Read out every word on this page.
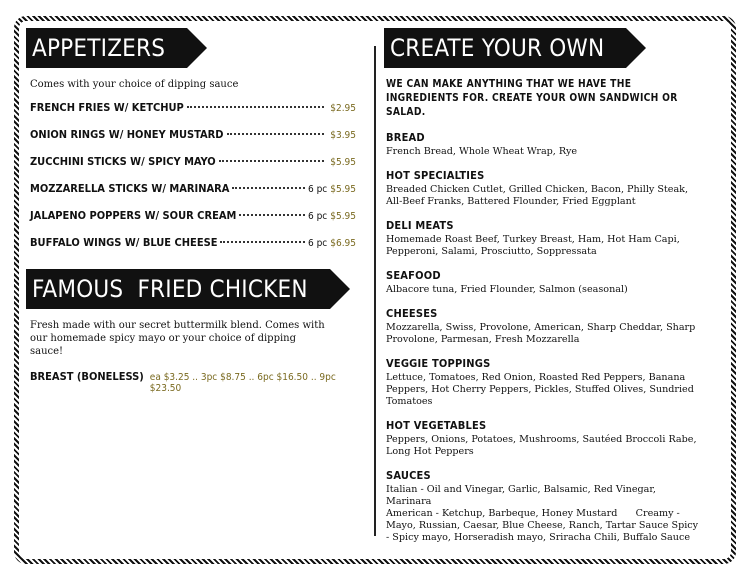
APPETIZERS
Comes with your choice of dipping sauce
FRENCH FRIES W/ KETCHUP	$2.95
ONION RINGS W/ HONEY MUSTARD	$3.95
ZUCCHINI STICKS W/ SPICY MAYO	$5.95
MOZZARELLA STICKS W/ MARINARA	6 pc $5.95
JALAPENO POPPERS W/ SOUR CREAM	6 pc $5.95
BUFFALO WINGS W/ BLUE CHEESE	6 pc $6.95
FAMOUS  FRIED CHICKEN
Fresh made with our secret buttermilk blend. Comes with our homemade spicy mayo or your choice of dipping sauce!
BREAST (BONELESS) ea $3.25 .. 3pc $8.75 .. 6pc $16.50 .. 9pc $23.50
CREATE YOUR OWN
WE CAN MAKE ANYTHING THAT WE HAVE THE INGREDIENTS FOR. CREATE YOUR OWN SANDWICH OR SALAD.
BREAD

French Bread, Whole Wheat Wrap, Rye

HOT SPECIALTIES

Breaded Chicken Cutlet, Grilled Chicken, Bacon, Philly Steak, All-Beef Franks, Battered Flounder, Fried Eggplant

DELI MEATS

Homemade Roast Beef, Turkey Breast, Ham, Hot Ham Capi, Pepperoni, Salami, Prosciutto, Soppressata

SEAFOOD

Albacore tuna, Fried Flounder, Salmon (seasonal)

CHEESES

Mozzarella, Swiss, Provolone, American, Sharp Cheddar, Sharp Provolone, Parmesan, Fresh Mozzarella

VEGGIE TOPPINGS

Lettuce, Tomatoes, Red Onion, Roasted Red Peppers, Banana Peppers, Hot Cherry Peppers, Pickles, Stuffed Olives, Sundried Tomatoes

HOT VEGETABLES

Peppers, Onions, Potatoes, Mushrooms, Sautéed Broccoli Rabe, Long Hot Peppers

SAUCES

Italian - Oil and Vinegar, Garlic, Balsamic, Red Vinegar, Marinara

American - Ketchup, Barbeque, Honey Mustard      Creamy - Mayo, Russian, Caesar, Blue Cheese, Ranch, Tartar Sauce Spicy - Spicy mayo, Horseradish mayo, Sriracha Chili, Buffalo Sauce
